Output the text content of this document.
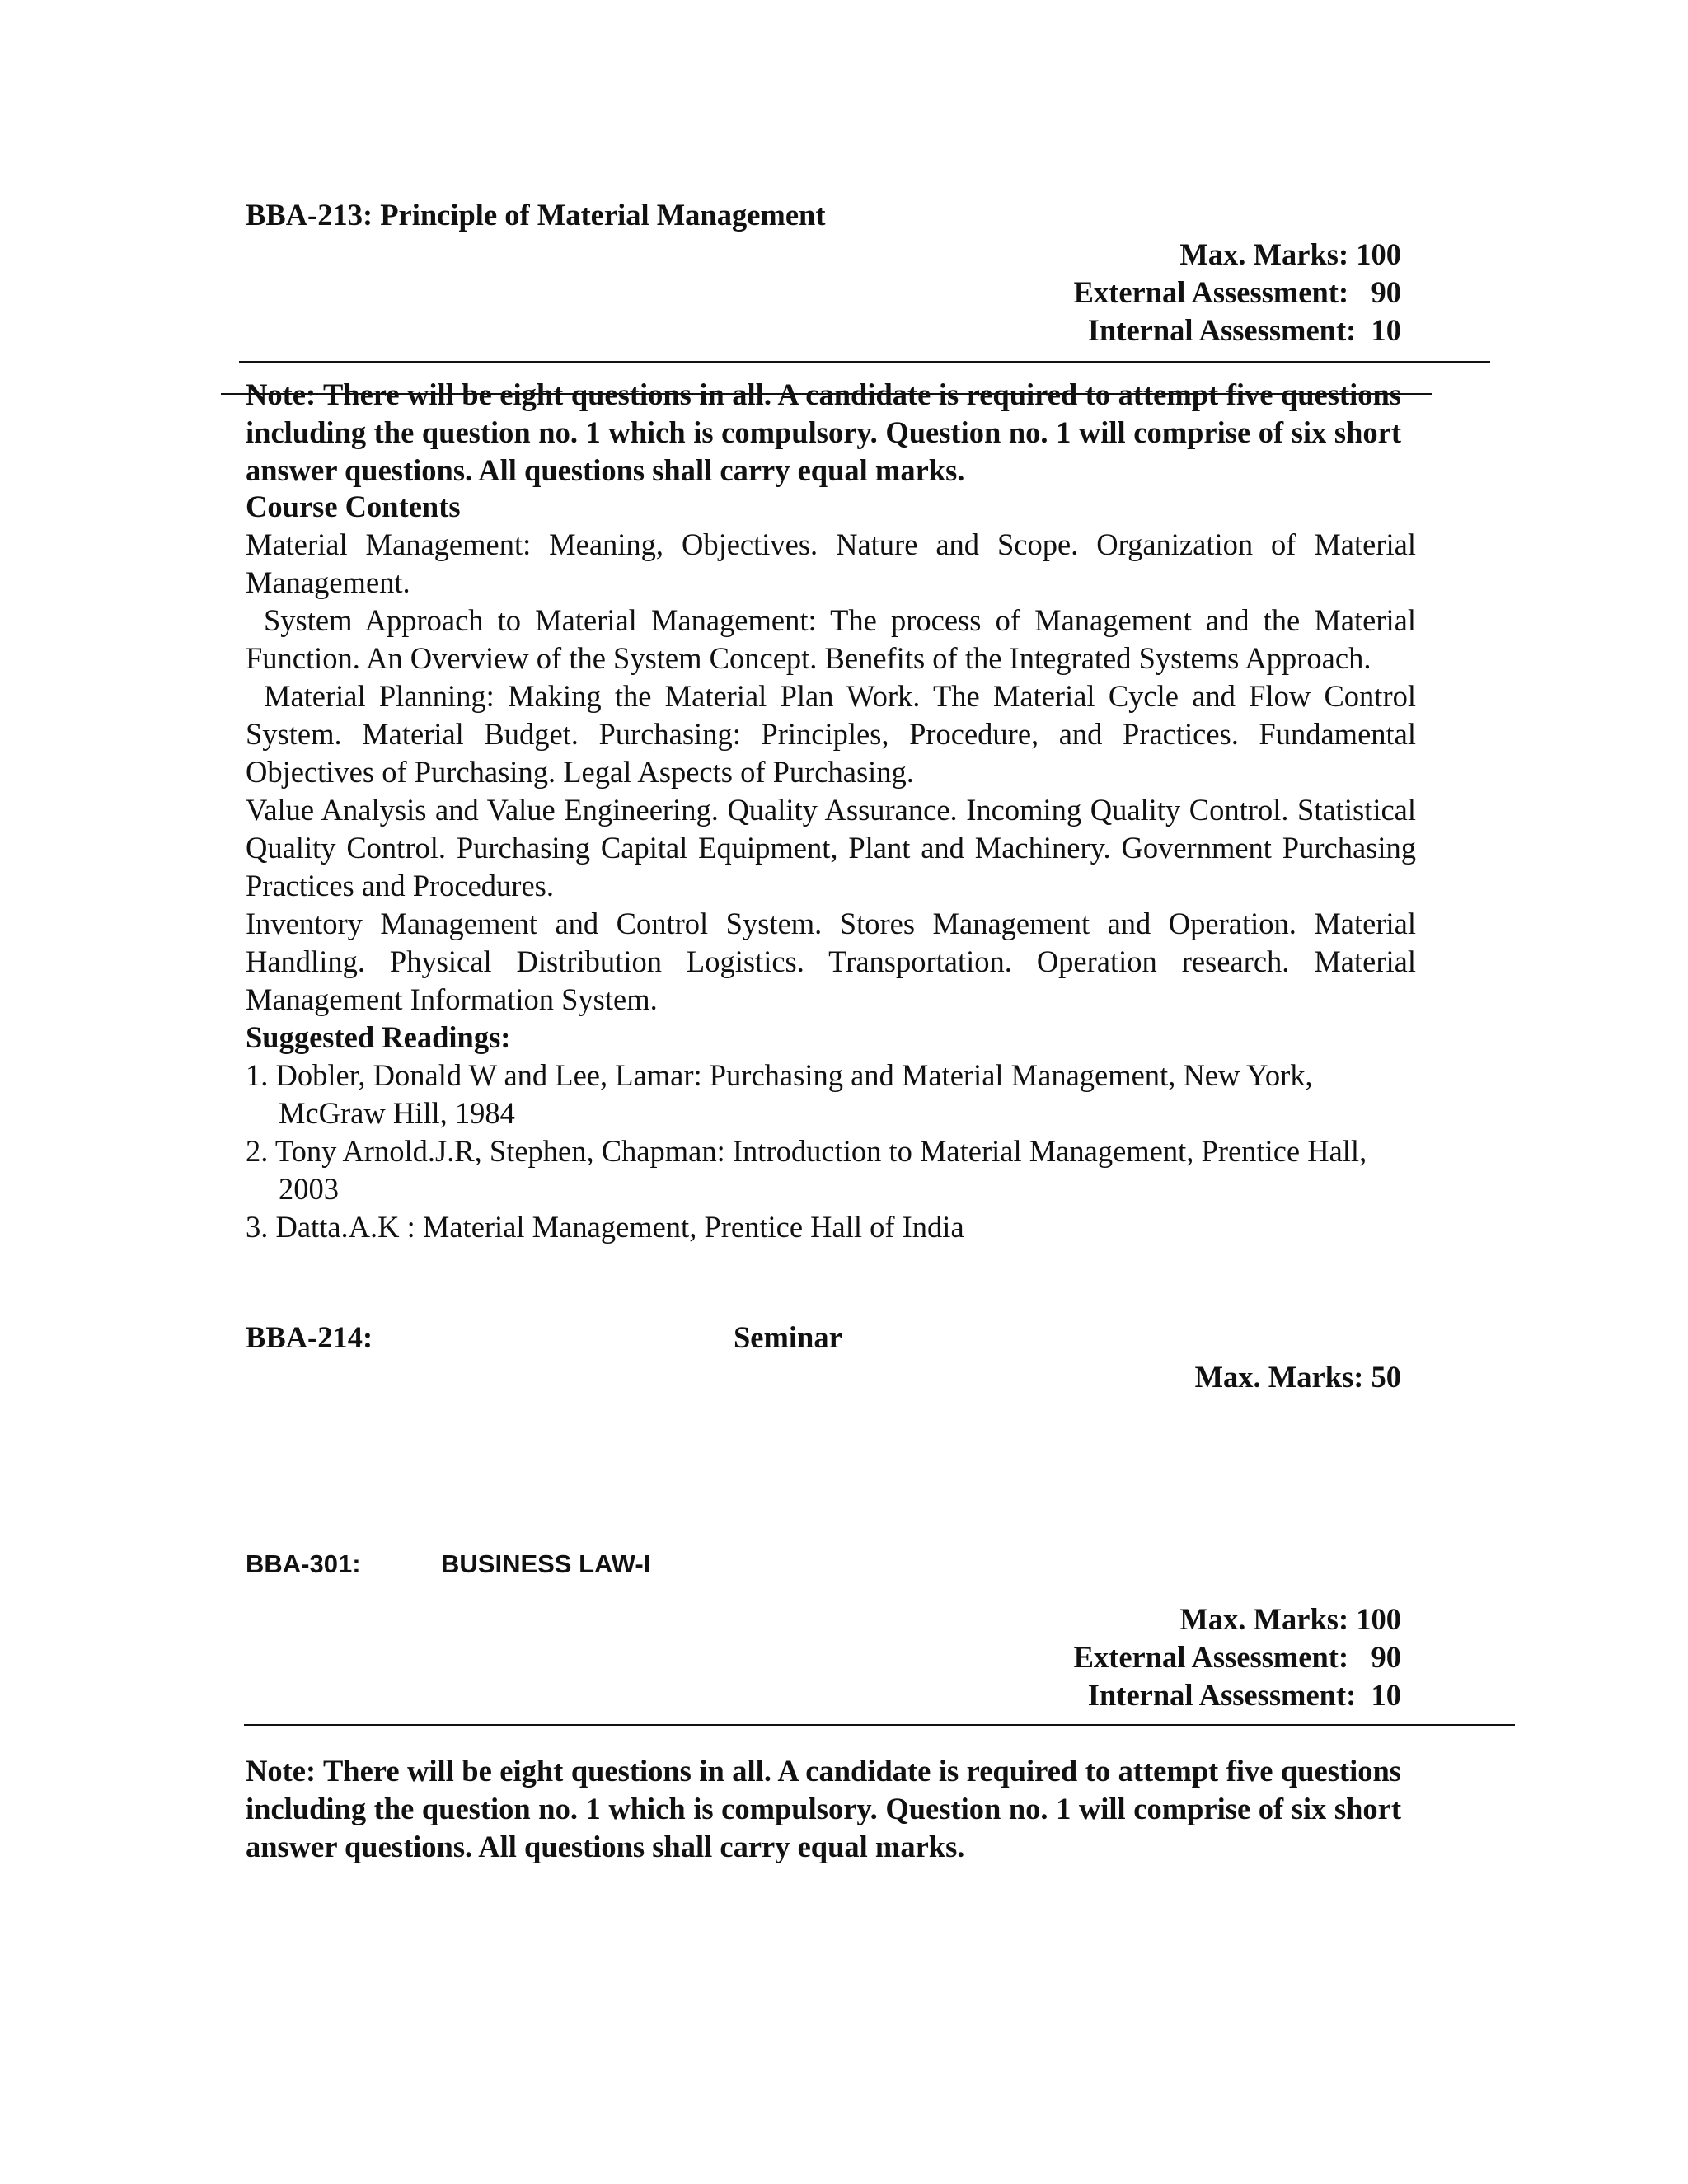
BBA-213: Principle of Material Management
Max. Marks: 100
External Assessment:   90
Internal Assessment:  10
Note: There will be eight questions in all. A candidate is required to attempt five questions including the question no. 1 which is compulsory. Question no. 1 will comprise of six short answer questions. All questions shall carry equal marks.

Course Contents

Material Management: Meaning, Objectives. Nature and Scope. Organization of Material Management.

System Approach to Material Management: The process of Management and the Material Function. An Overview of the System Concept. Benefits of the Integrated Systems Approach.

Material Planning: Making the Material Plan Work. The Material Cycle and Flow Control System. Material Budget. Purchasing: Principles, Procedure, and Practices. Fundamental Objectives of Purchasing. Legal Aspects of Purchasing.

Value Analysis and Value Engineering. Quality Assurance. Incoming Quality Control. Statistical Quality Control. Purchasing Capital Equipment, Plant and Machinery. Government Purchasing Practices and Procedures.

Inventory Management and Control System. Stores Management and Operation. Material Handling. Physical Distribution Logistics. Transportation. Operation research. Material Management Information System.

Suggested Readings:

1. Dobler, Donald W and Lee, Lamar: Purchasing and Material Management, New York,

McGraw Hill, 1984

2. Tony Arnold.J.R, Stephen, Chapman: Introduction to Material Management, Prentice Hall,

2003

3. Datta.A.K : Material Management, Prentice Hall of India

BBA-214:	Seminar
Max. Marks: 50
BBA-301:	BUSINESS LAW-I
Max. Marks: 100
External Assessment:   90
Internal Assessment:  10
Note: There will be eight questions in all. A candidate is required to attempt five questions including the question no. 1 which is compulsory. Question no. 1 will comprise of six short answer questions. All questions shall carry equal marks.
